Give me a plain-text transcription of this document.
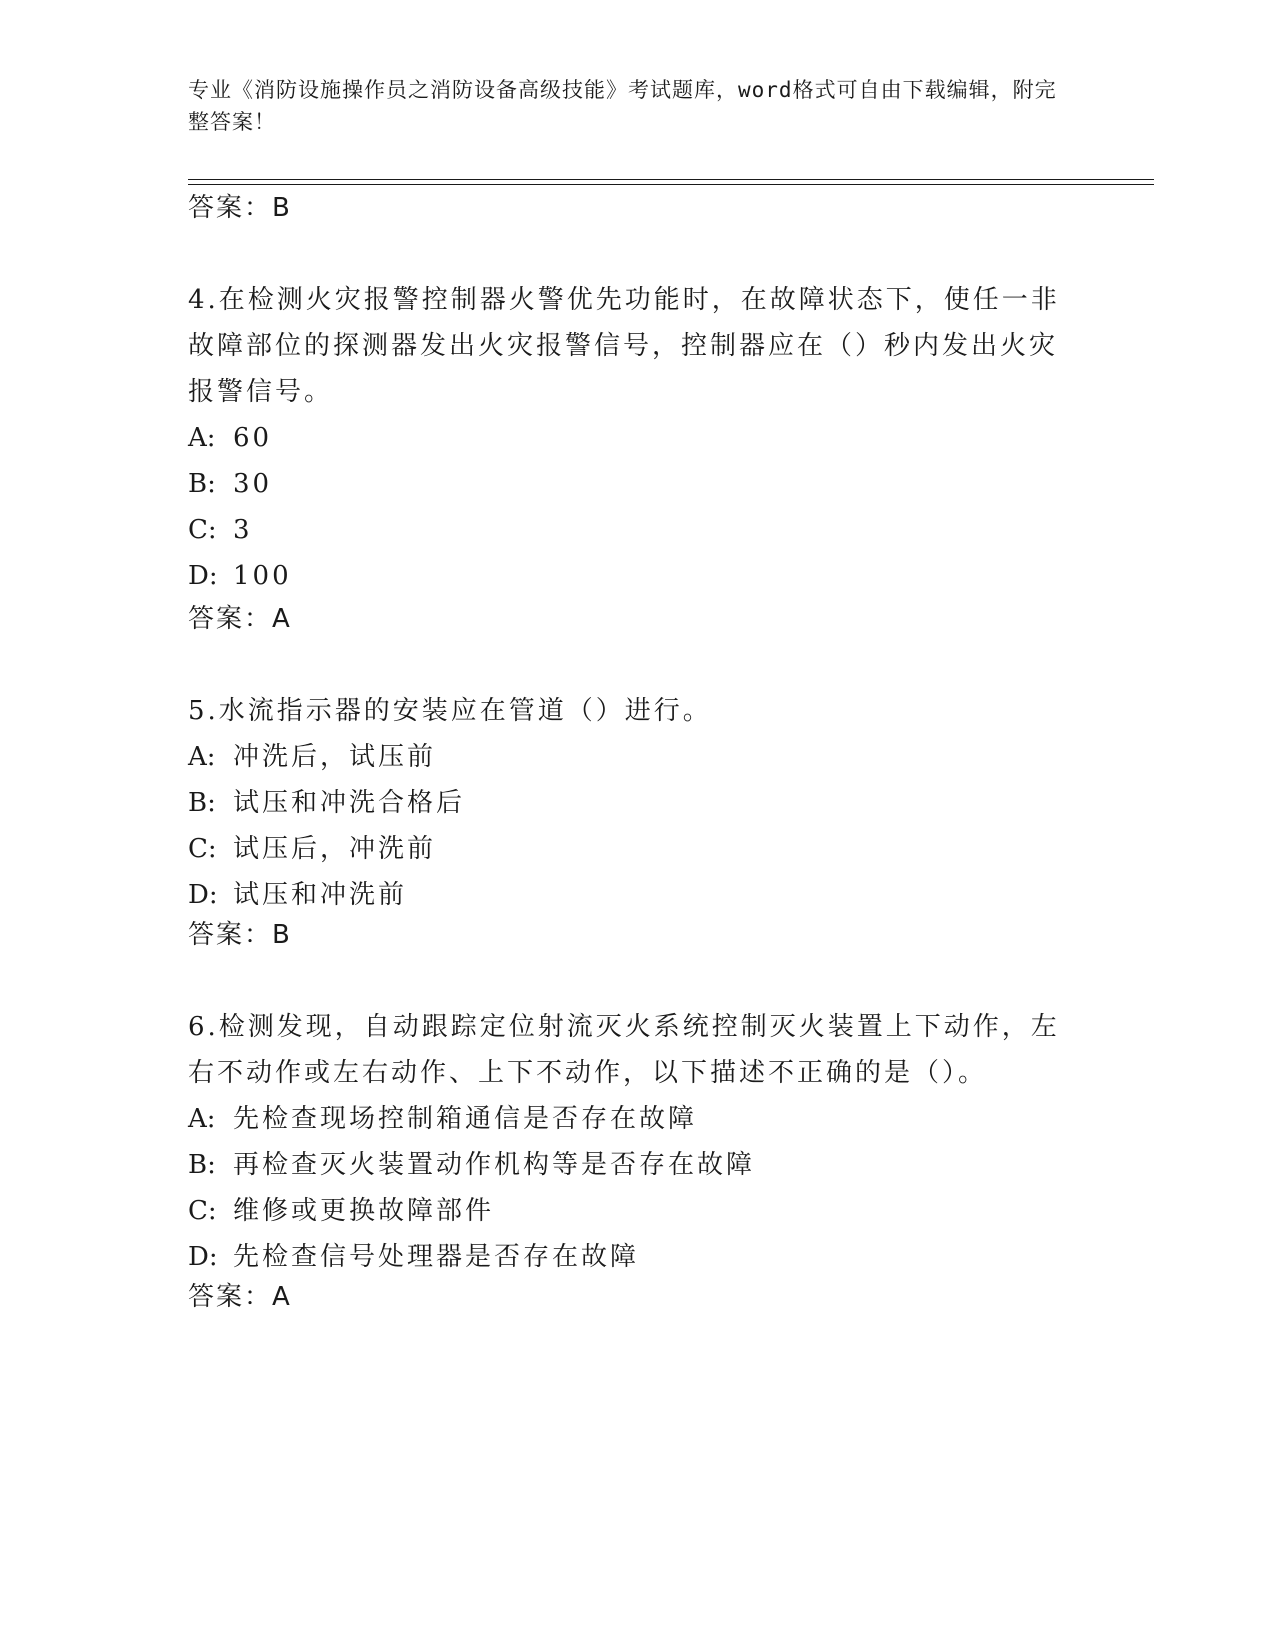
专业《消防设施操作员之消防设备高级技能》考试题库，word格式可自由下载编辑，附完整答案！
答案：B

4.在检测火灾报警控制器火警优先功能时，在故障状态下，使任一非故障部位的探测器发出火灾报警信号，控制器应在（）秒内发出火灾报警信号。

A: 60

B: 30

C: 3

D: 100

答案：A

5.水流指示器的安装应在管道（）进行。

A: 冲洗后，试压前

B: 试压和冲洗合格后

C: 试压后，冲洗前

D: 试压和冲洗前

答案：B

6.检测发现，自动跟踪定位射流灭火系统控制灭火装置上下动作，左右不动作或左右动作、上下不动作，以下描述不正确的是（）。

A: 先检查现场控制箱通信是否存在故障

B: 再检查灭火装置动作机构等是否存在故障

C: 维修或更换故障部件

D: 先检查信号处理器是否存在故障

答案：A
